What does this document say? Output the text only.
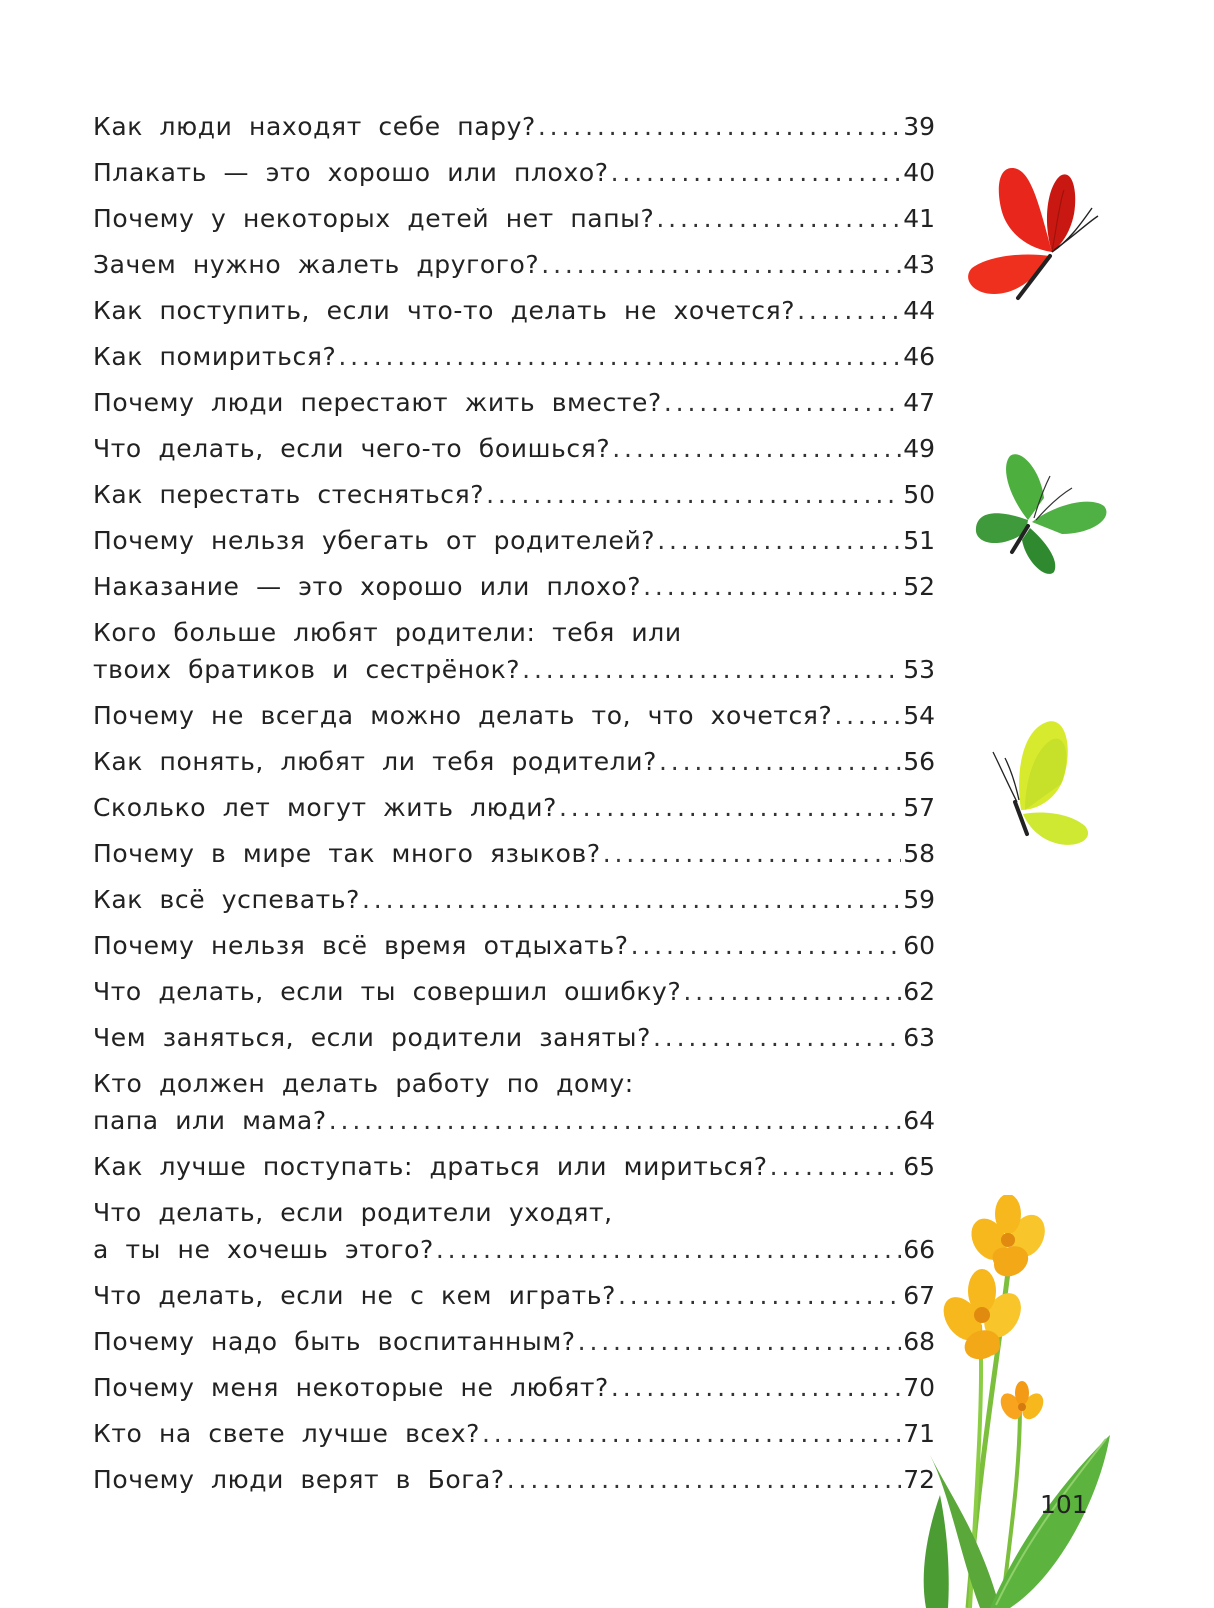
Как люди находят себе пару? . . .	39
Плакать — это хорошо или плохо? . . .	40
Почему у некоторых детей нет папы? . . .	41
Зачем нужно жалеть другого? . . .	43
Как поступить, если что-то делать не хочется? . . .	44
Как помириться? . . .	46
Почему люди перестают жить вместе? . . .	47
Что делать, если чего-то боишься? . . .	49
Как перестать стесняться? . . .	50
Почему нельзя убегать от родителей? . . .	51
Наказание — это хорошо или плохо? . . .	52
Кого больше любят родители: тебя или
твоих братиков и сестрёнок? . . .	53
Почему не всегда можно делать то, что хочется? . . .	54
Как понять, любят ли тебя родители? . . .	56
Сколько лет могут жить люди? . . .	57
Почему в мире так много языков? . . .	58
Как всё успевать? . . .	59
Почему нельзя всё время отдыхать? . . .	60
Что делать, если ты совершил ошибку? . . .	62
Чем заняться, если родители заняты? . . .	63
Кто должен делать работу по дому:
папа или мама? . . .	64
Как лучше поступать: драться или мириться? . . .	65
Что делать, если родители уходят,
а ты не хочешь этого? . . .	66
Что делать, если не с кем играть? . . .	67
Почему надо быть воспитанным? . . .	68
Почему меня некоторые не любят? . . .	70
Кто на свете лучше всех? . . .	71
Почему люди верят в Бога? . . .	72
101
